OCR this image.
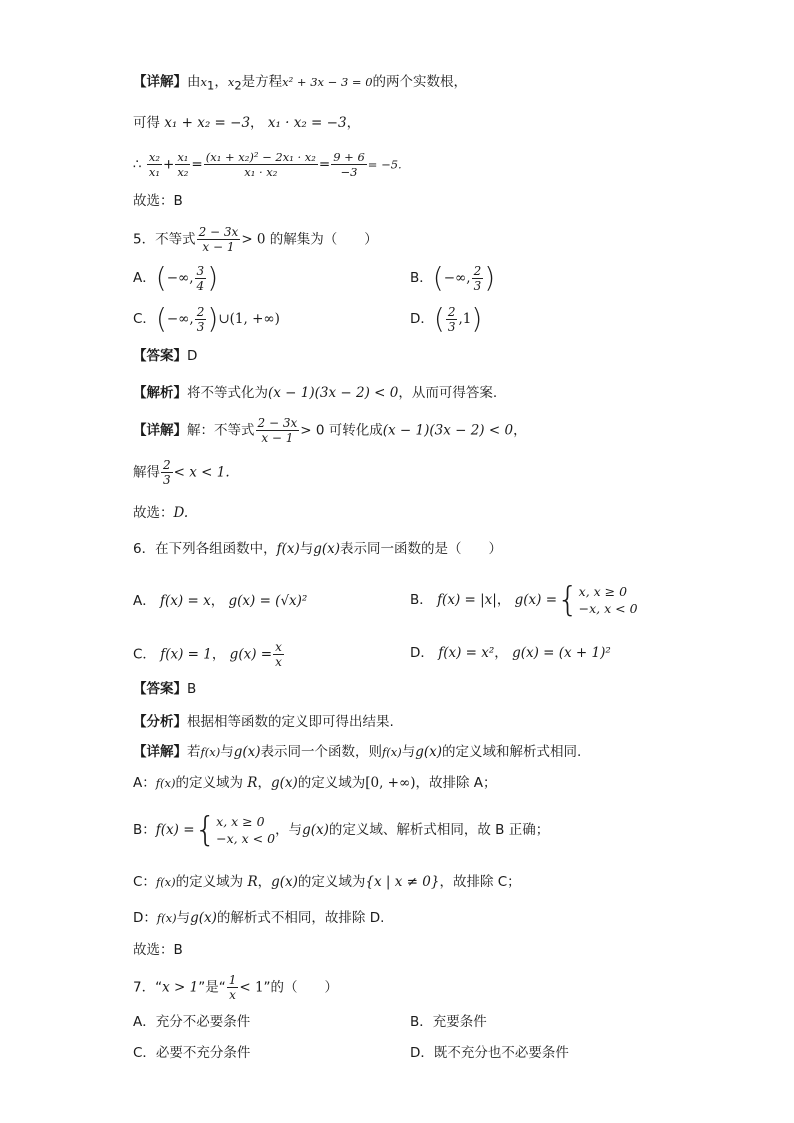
【详解】由$x_1$，$x_2$是方程x² + 3x − 3 = 0的两个实数根，
可得 x₁ + x₂ = −3， x₁ · x₂ = −3，
∴ $\frac{\text{x₂}}{\text{x₁}} + \frac{\text{x₁}}{\text{x₂}} = \frac{\text{(x₁ + x₂)² − 2x₁ · x₂}}{\text{x₁ · x₂}} = \frac{9 + 6}{-3} = -5$.
故选：B
5．不等式 $\frac{2 - 3x}{x - 1} > 0$ 的解集为（　　）
A． ( −∞, 3
4 )	B． ( −∞, 2
3 )
C． ( −∞, 2
3 ) ∪(1, +∞)	D． ( 2
3 ,1 )
【答案】D
【解析】将不等式化为(x − 1)(3x − 2) < 0，从而可得答案.
【详解】解：不等式 $\frac{2 - 3x}{x - 1} > 0$ 可转化成(x − 1)(3x − 2) < 0，
解得 $\frac{2}{3} < x < 1$.
故选：D.
6．在下列各组函数中，f(x)与g(x)表示同一函数的是（　　）
A． f(x) = x， g(x) = (√x)²	B． f(x) = |x|， g(x) = { x, x ≥ 0
−x, x < 0
C． f(x) = 1， $g(x) = \frac{x}{x}$	D． f(x) = x²， g(x) = (x + 1)²
【答案】B
【分析】根据相等函数的定义即可得出结果.
【详解】若f(x)与g(x)表示同一个函数，则f(x)与g(x)的定义域和解析式相同.
A：f(x)的定义域为 R，g(x)的定义域为[0, +∞)，故排除 A；
B：f(x) = { x, x ≥ 0
−x, x < 0
，与g(x)的定义域、解析式相同，故 B 正确；
C：f(x)的定义域为 R，g(x)的定义域为{x | x ≠ 0}，故排除 C；
D：f(x)与g(x)的解析式不相同，故排除 D.
故选：B
7．“x > 1”是“ $\frac{1}{x} < 1$”的（　　）
A．充分不必要条件	B．充要条件
C．必要不充分条件	D．既不充分也不必要条件
